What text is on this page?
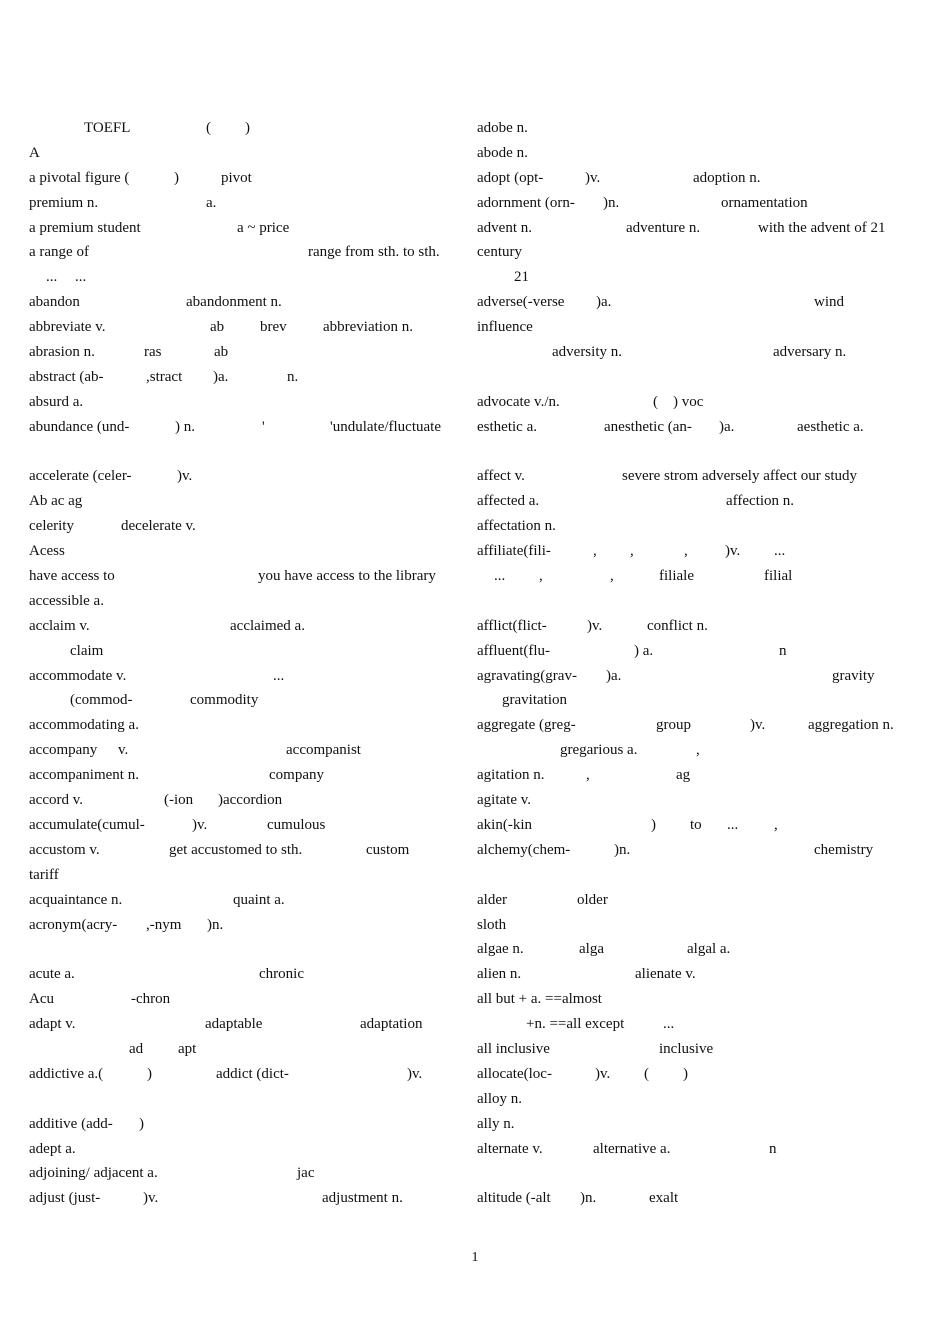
TOEFL	( )
A
a pivotal figure (	)	pivot
premium n.	a.
a premium student	a ~ price
a range of	range from sth. to sth.
... ...
abandon	abandonment n.
abbreviate v.	ab brev abbreviation n.
abrasion n.	ras	ab
abstract (ab-	,stract )a.	n.
absurd a.
abundance (und-	) n.	'	'undulate/fluctuate
accelerate (celer-	)v.
Ab ac ag
celerity	decelerate v.
Acess
have access to	you have access to the library
accessible a.
acclaim v.	acclaimed a.
claim
accommodate v.	...
(commod-	commodity
accommodating a.
accompany v.	accompanist
accompaniment n.	company
accord v.	(-ion )accordion
accumulate(cumul-	)v.	cumulous
accustom v.	get accustomed to sth.	custom
tariff
acquaintance n.	quaint a.
acronym(acry- ,-nym )n.
acute a.	chronic
Acu	-chron
adapt v.	adaptable	adaptation
ad apt
addictive a.(	)	addict (dict-	)v.
additive (add- )
adept a.
adjoining/ adjacent a.	jac
adjust (just-	)v.	adjustment n.
adobe n.
abode n.
adopt (opt-	)v.	adoption n.
adornment (orn- )n.	ornamentation
advent n.	adventure n.	with the advent of 21
century
21
adverse(-verse )a.	wind
influence
adversity n.	adversary n.
advocate v./n.	( ) voc
esthetic a.	anesthetic (an- )a.	aesthetic a.
affect v.	severe strom adversely affect our study
affected a.	affection n.
affectation n.
affiliate(fili-	, ,	, )v. ...
... ,	,	filiale	filial
afflict(flict-	)v.	conflict n.
affluent(flu-	) a.	n
agravating(grav- )a.	gravity
gravitation
aggregate (greg-	group	)v.	aggregation n.
gregarious a.	,
agitation n.	,	ag
agitate v.
akin(-kin	) to ... ,
alchemy(chem-	)n.	chemistry
alder	older
sloth
algae n.	alga	algal a.
alien n.	alienate v.
all but + a. ==almost
+n. ==all except	...
all inclusive	inclusive
allocate(loc-	)v. ( )
alloy n.
ally n.
alternate v.	alternative a.	n
altitude (-alt )n.	exalt
1
